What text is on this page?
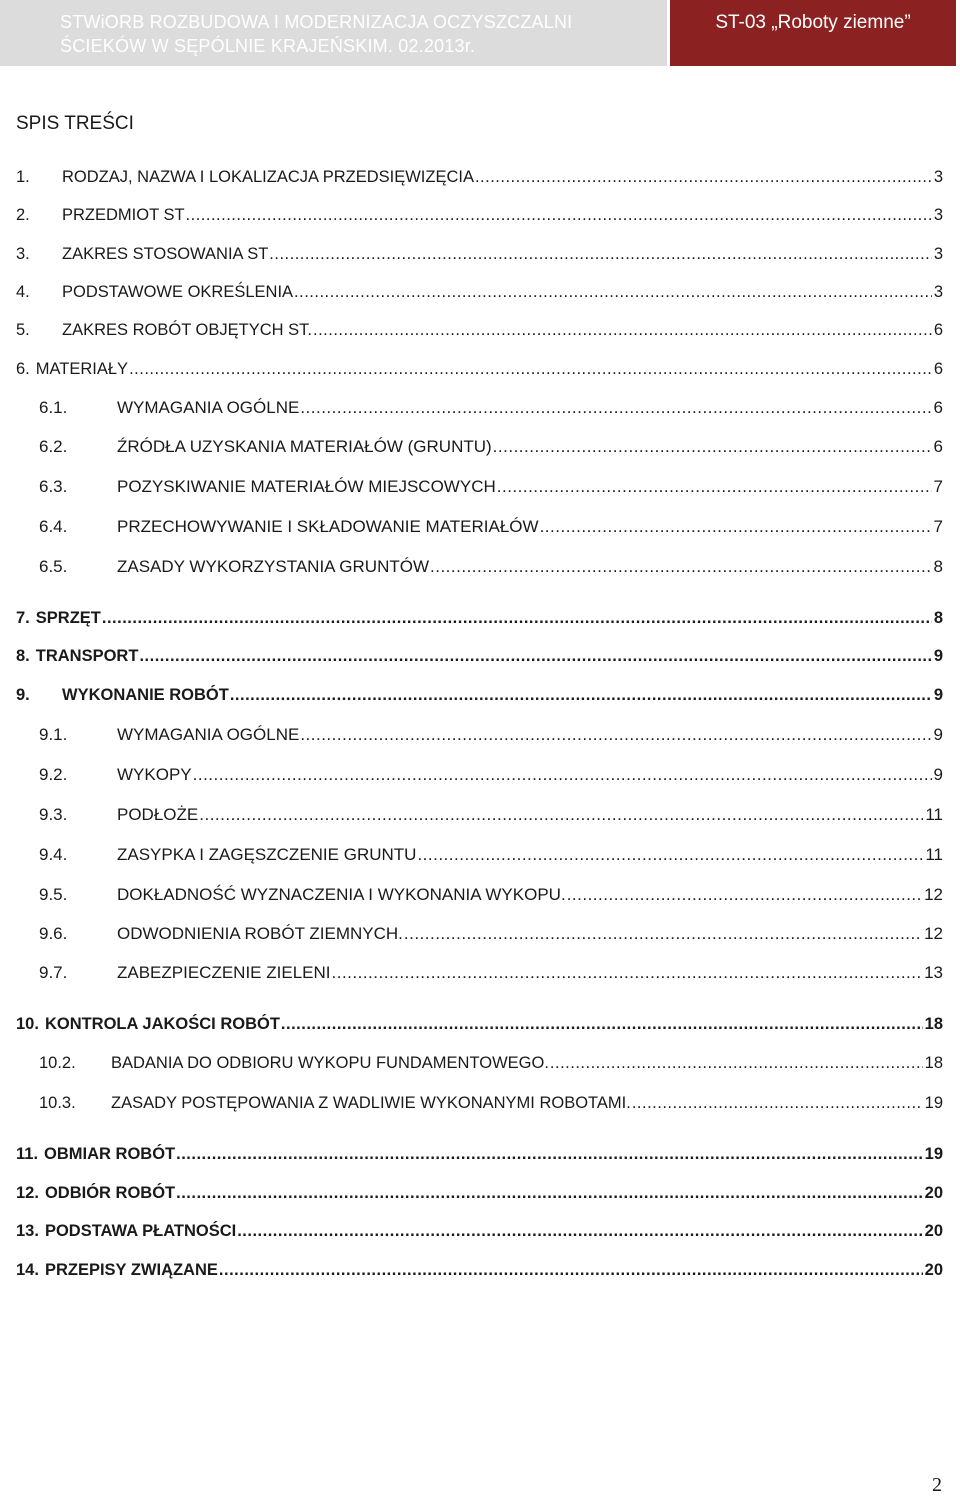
STWiORB ROZBUDOWA I MODERNIZACJA OCZYSZCZALNI
ŚCIEKÓW W SĘPÓLNIE KRAJEŃSKIM. 02.2013r.
ST-03 „Roboty ziemne”
SPIS TREŚCI
1.	RODZAJ, NAZWA I LOKALIZACJA PRZEDSIĘWIZĘCIA .....	3
2.	PRZEDMIOT ST .....	3
3.	ZAKRES STOSOWANIA ST .....	3
4.	PODSTAWOWE OKREŚLENIA .....	3
5.	ZAKRES ROBÓT OBJĘTYCH ST. .....	6
6. MATERIAŁY .....	6
6.1.	WYMAGANIA OGÓLNE .....	6
6.2.	ŹRÓDŁA UZYSKANIA MATERIAŁÓW (GRUNTU) .....	6
6.3.	POZYSKIWANIE MATERIAŁÓW MIEJSCOWYCH .....	7
6.4.	PRZECHOWYWANIE I SKŁADOWANIE MATERIAŁÓW .....	7
6.5.	ZASADY WYKORZYSTANIA GRUNTÓW .....	8
7. SPRZĘT .....	8
8. TRANSPORT .....	9
9.	WYKONANIE ROBÓT .....	9
9.1.	WYMAGANIA OGÓLNE .....	9
9.2.	WYKOPY .....	9
9.3.	PODŁOŻE .....	11
9.4.	ZASYPKA I ZAGĘSZCZENIE GRUNTU .....	11
9.5.	DOKŁADNOŚĆ WYZNACZENIA I WYKONANIA WYKOPU. .....	12
9.6.	ODWODNIENIA ROBÓT ZIEMNYCH. .....	12
9.7.	ZABEZPIECZENIE ZIELENI .....	13
10. KONTROLA JAKOŚCI ROBÓT .....	18
10.2.	BADANIA DO ODBIORU WYKOPU FUNDAMENTOWEGO. .....	18
10.3.	ZASADY POSTĘPOWANIA Z WADLIWIE WYKONANYMI ROBOTAMI. .....	19
11. OBMIAR ROBÓT .....	19
12. ODBIÓR ROBÓT .....	20
13. PODSTAWA PŁATNOŚCI .....	20
14. PRZEPISY ZWIĄZANE .....	20
2
